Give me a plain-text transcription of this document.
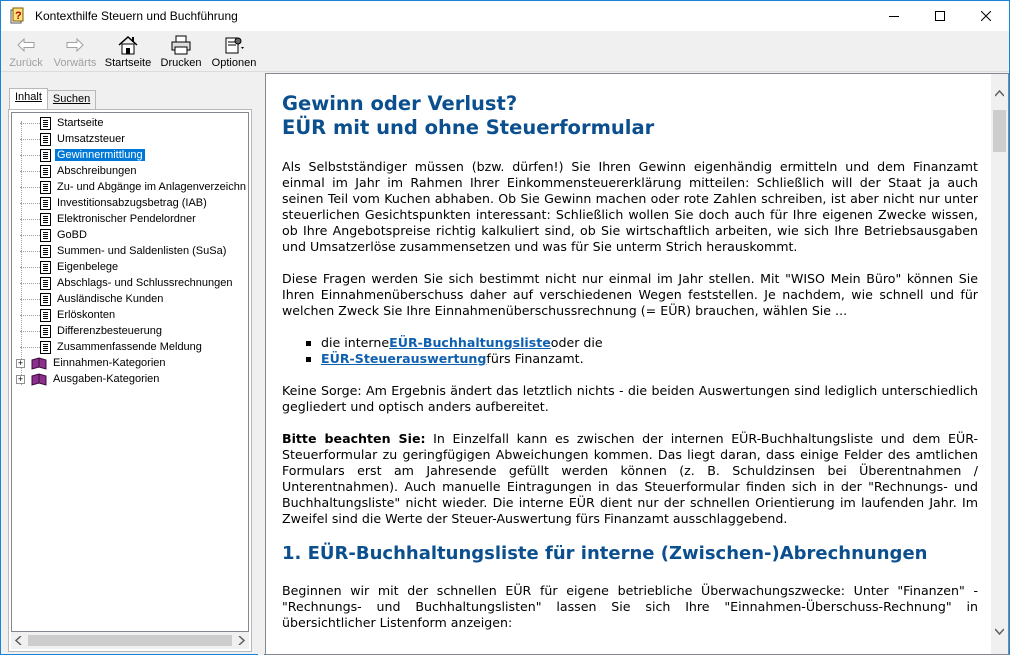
? Kontexthilfe Steuern und Buchführung
Zurück Vorwärts Startseite Drucken Optionen
Inhalt	Suchen
Startseite
Umsatzsteuer
Gewinnermittlung
Abschreibungen
Zu- und Abgänge im Anlagenverzeichn
Investitionsabzugsbetrag (IAB)
Elektronischer Pendelordner
GoBD
Summen- und Saldenlisten (SuSa)
Eigenbelege
Abschlags- und Schlussrechnungen
Ausländische Kunden
Erlöskonten
Differenzbesteuerung
Zusammenfassende Meldung
+	Einnahmen-Kategorien
+	Ausgaben-Kategorien
Gewinn oder Verlust?
EÜR mit und ohne Steuerformular

Als Selbstständiger müssen (bzw. dürfen!) Sie Ihren Gewinn eigenhändig ermitteln und dem Finanzamt einmal im Jahr im Rahmen Ihrer Einkommensteuererklärung mitteilen: Schließlich will der Staat ja auch seinen Teil vom Kuchen abhaben. Ob Sie Gewinn machen oder rote Zahlen schreiben, ist aber nicht nur unter steuerlichen Gesichtspunkten interessant: Schließlich wollen Sie doch auch für Ihre eigenen Zwecke wissen, ob Ihre Angebotspreise richtig kalkuliert sind, ob Sie wirtschaftlich arbeiten, wie sich Ihre Betriebsausgaben und Umsatzerlöse zusammensetzen und was für Sie unterm Strich herauskommt.

Diese Fragen werden Sie sich bestimmt nicht nur einmal im Jahr stellen. Mit "WISO Mein Büro" können Sie Ihren Einnahmenüberschuss daher auf verschiedenen Wegen feststellen. Je nachdem, wie schnell und für welchen Zweck Sie Ihre Einnahmenüberschussrechnung (= EÜR) brauchen, wählen Sie ...

die interne EÜR-Buchhaltungsliste oder die
EÜR-Steuerauswertung fürs Finanzamt.

Keine Sorge: Am Ergebnis ändert das letztlich nichts - die beiden Auswertungen sind lediglich unterschiedlich gegliedert und optisch anders aufbereitet.

Bitte beachten Sie: In Einzelfall kann es zwischen der internen EÜR-Buchhaltungsliste und dem EÜR-Steuerformular zu geringfügigen Abweichungen kommen. Das liegt daran, dass einige Felder des amtlichen Formulars erst am Jahresende gefüllt werden können (z. B. Schuldzinsen bei Überentnahmen / Unterentnahmen). Auch manuelle Eintragungen in das Steuerformular finden sich in der "Rechnungs- und Buchhaltungsliste" nicht wieder. Die interne EÜR dient nur der schnellen Orientierung im laufenden Jahr. Im Zweifel sind die Werte der Steuer-Auswertung fürs Finanzamt ausschlaggebend.

1. EÜR-Buchhaltungsliste für interne (Zwischen-)Abrechnungen

Beginnen wir mit der schnellen EÜR für eigene betriebliche Überwachungszwecke: Unter "Finanzen" - "Rechnungs- und Buchhaltungslisten" lassen Sie sich Ihre "Einnahmen-Überschuss-Rechnung" in übersichtlicher Listenform anzeigen:
